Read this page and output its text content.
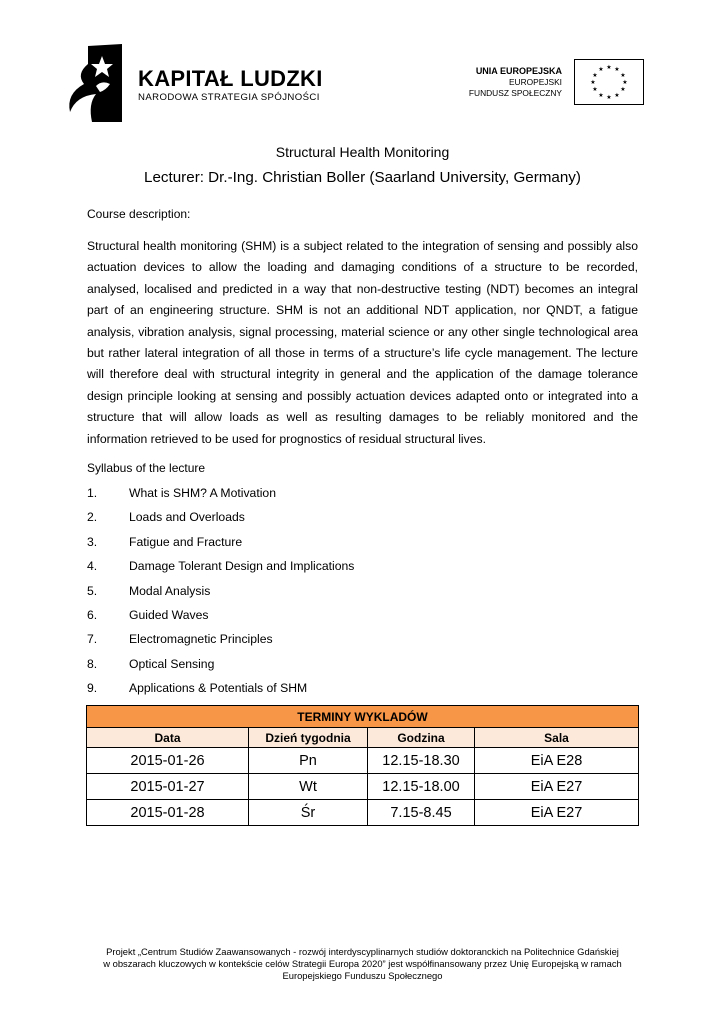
KAPITAŁ LUDZKI
NARODOWA STRATEGIA SPÓJNOŚCI
UNIA EUROPEJSKA
EUROPEJSKI
FUNDUSZ SPOŁECZNY
★ ★
★
★
★
★
★
★
★
★
★
★
Structural Health Monitoring
Lecturer: Dr.-Ing. Christian Boller (Saarland University, Germany)
Course description:
Structural health monitoring (SHM) is a subject related to the integration of sensing and possibly also actuation devices to allow the loading and damaging conditions of a structure to be recorded, analysed, localised and predicted in a way that non-destructive testing (NDT) becomes an integral part of an engineering structure. SHM is not an additional NDT application, nor QNDT, a fatigue analysis, vibration analysis, signal processing, material science or any other single technological area but rather lateral integration of all those in terms of a structure’s life cycle management. The lecture will therefore deal with structural integrity in general and the application of the damage tolerance design principle looking at sensing and possibly actuation devices adapted onto or integrated into a structure that will allow loads as well as resulting damages to be reliably monitored and the information retrieved to be used for prognostics of residual structural lives.
Syllabus of the lecture
1.	What is SHM? A Motivation
2.	Loads and Overloads
3.	Fatigue and Fracture
4.	Damage Tolerant Design and Implications
5.	Modal Analysis
6.	Guided Waves
7.	Electromagnetic Principles
8.	Optical Sensing
9.	Applications & Potentials of SHM
TERMINY WYKLADÓW			
Data	Dzień tygodnia	Godzina	Sala
2015-01-26	Pn	12.15-18.30	EiA E28
2015-01-27	Wt	12.15-18.00	EiA E27
2015-01-28	Śr	7.15-8.45	EiA E27
Projekt „Centrum Studiów Zaawansowanych - rozwój interdyscyplinarnych studiów doktoranckich na Politechnice Gdańskiej
w obszarach kluczowych w kontekście celów Strategii Europa 2020” jest współfinansowany przez Unię Europejską w ramach
Europejskiego Funduszu Społecznego
